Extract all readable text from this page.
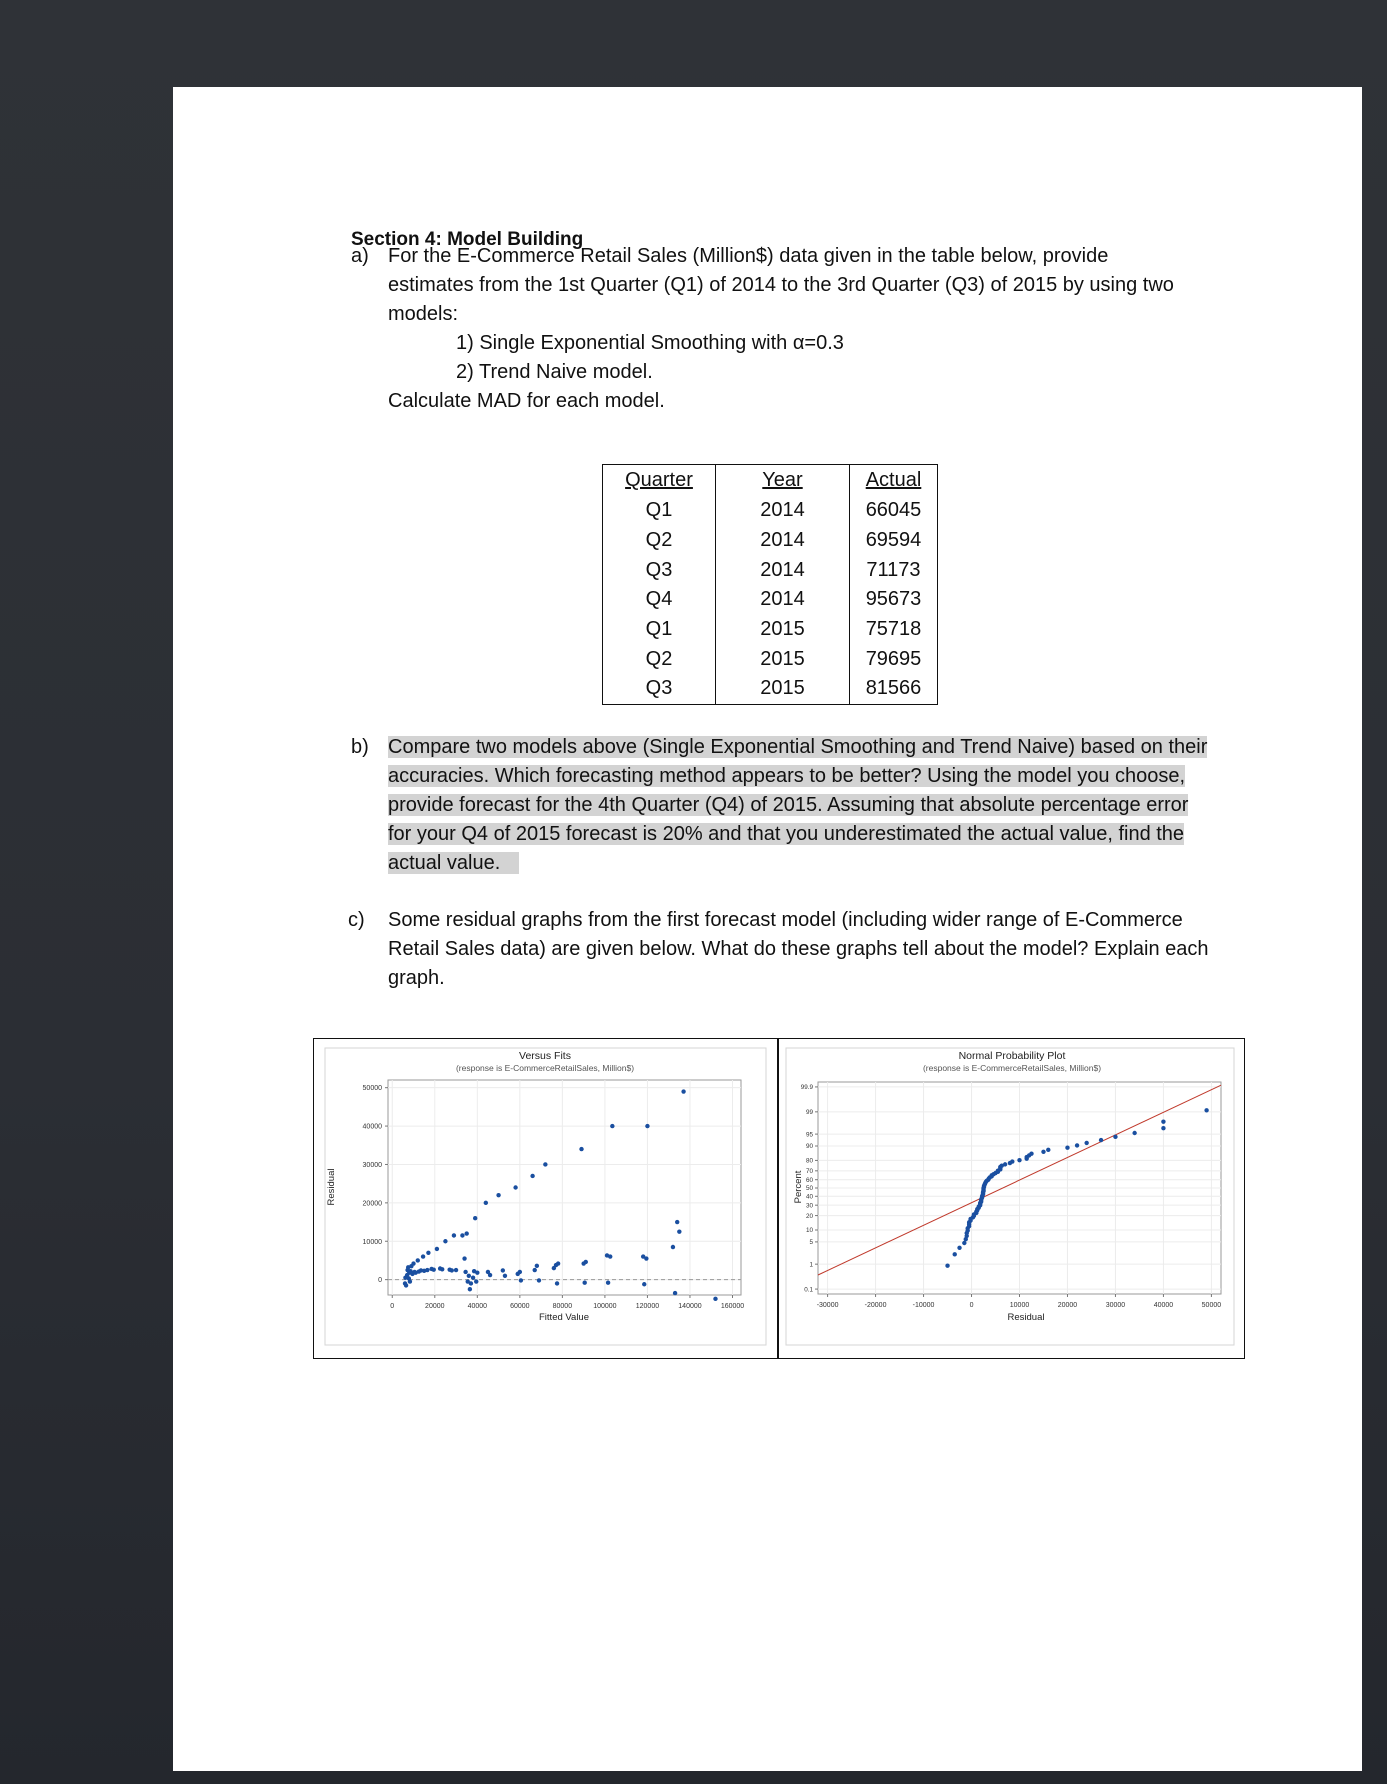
Section 4: Model Building
a) For the E-Commerce Retail Sales (Million$) data given in the table below, provide
estimates from the 1st Quarter (Q1) of 2014 to the 3rd Quarter (Q3) of 2015 by using two
models:
1) Single Exponential Smoothing with α=0.3
2) Trend Naive model.
Calculate MAD for each model.
Quarter	Year	Actual
Q1	2014	66045
Q2	2014	69594
Q3	2014	71173
Q4	2014	95673
Q1	2015	75718
Q2	2015	79695
Q3	2015	81566
b) Compare two models above (Single Exponential Smoothing and Trend Naive) based on their
accuracies. Which forecasting method appears to be better? Using the model you choose,
provide forecast for the 4th Quarter (Q4) of 2015. Assuming that absolute percentage error
for your Q4 of 2015 forecast is 20% and that you underestimated the actual value, find the
actual value.
c) Some residual graphs from the first forecast model (including wider range of E-Commerce
Retail Sales data) are given below. What do these graphs tell about the model? Explain each
graph.
Versus Fits
(response is E-CommerceRetailSales, Million$)
0
10000
20000
30000
40000
50000
0	20000	40000	60000	80000	100000	120000	140000	160000
Fitted Value
Residual
Normal Probability Plot
(response is E-CommerceRetailSales, Million$)
0.1
1
5
10
20
30
40
50
60
70
80
90
95
99
99.9
-30000	-20000	-10000	0	10000	20000	30000	40000	50000
Residual
Percent
